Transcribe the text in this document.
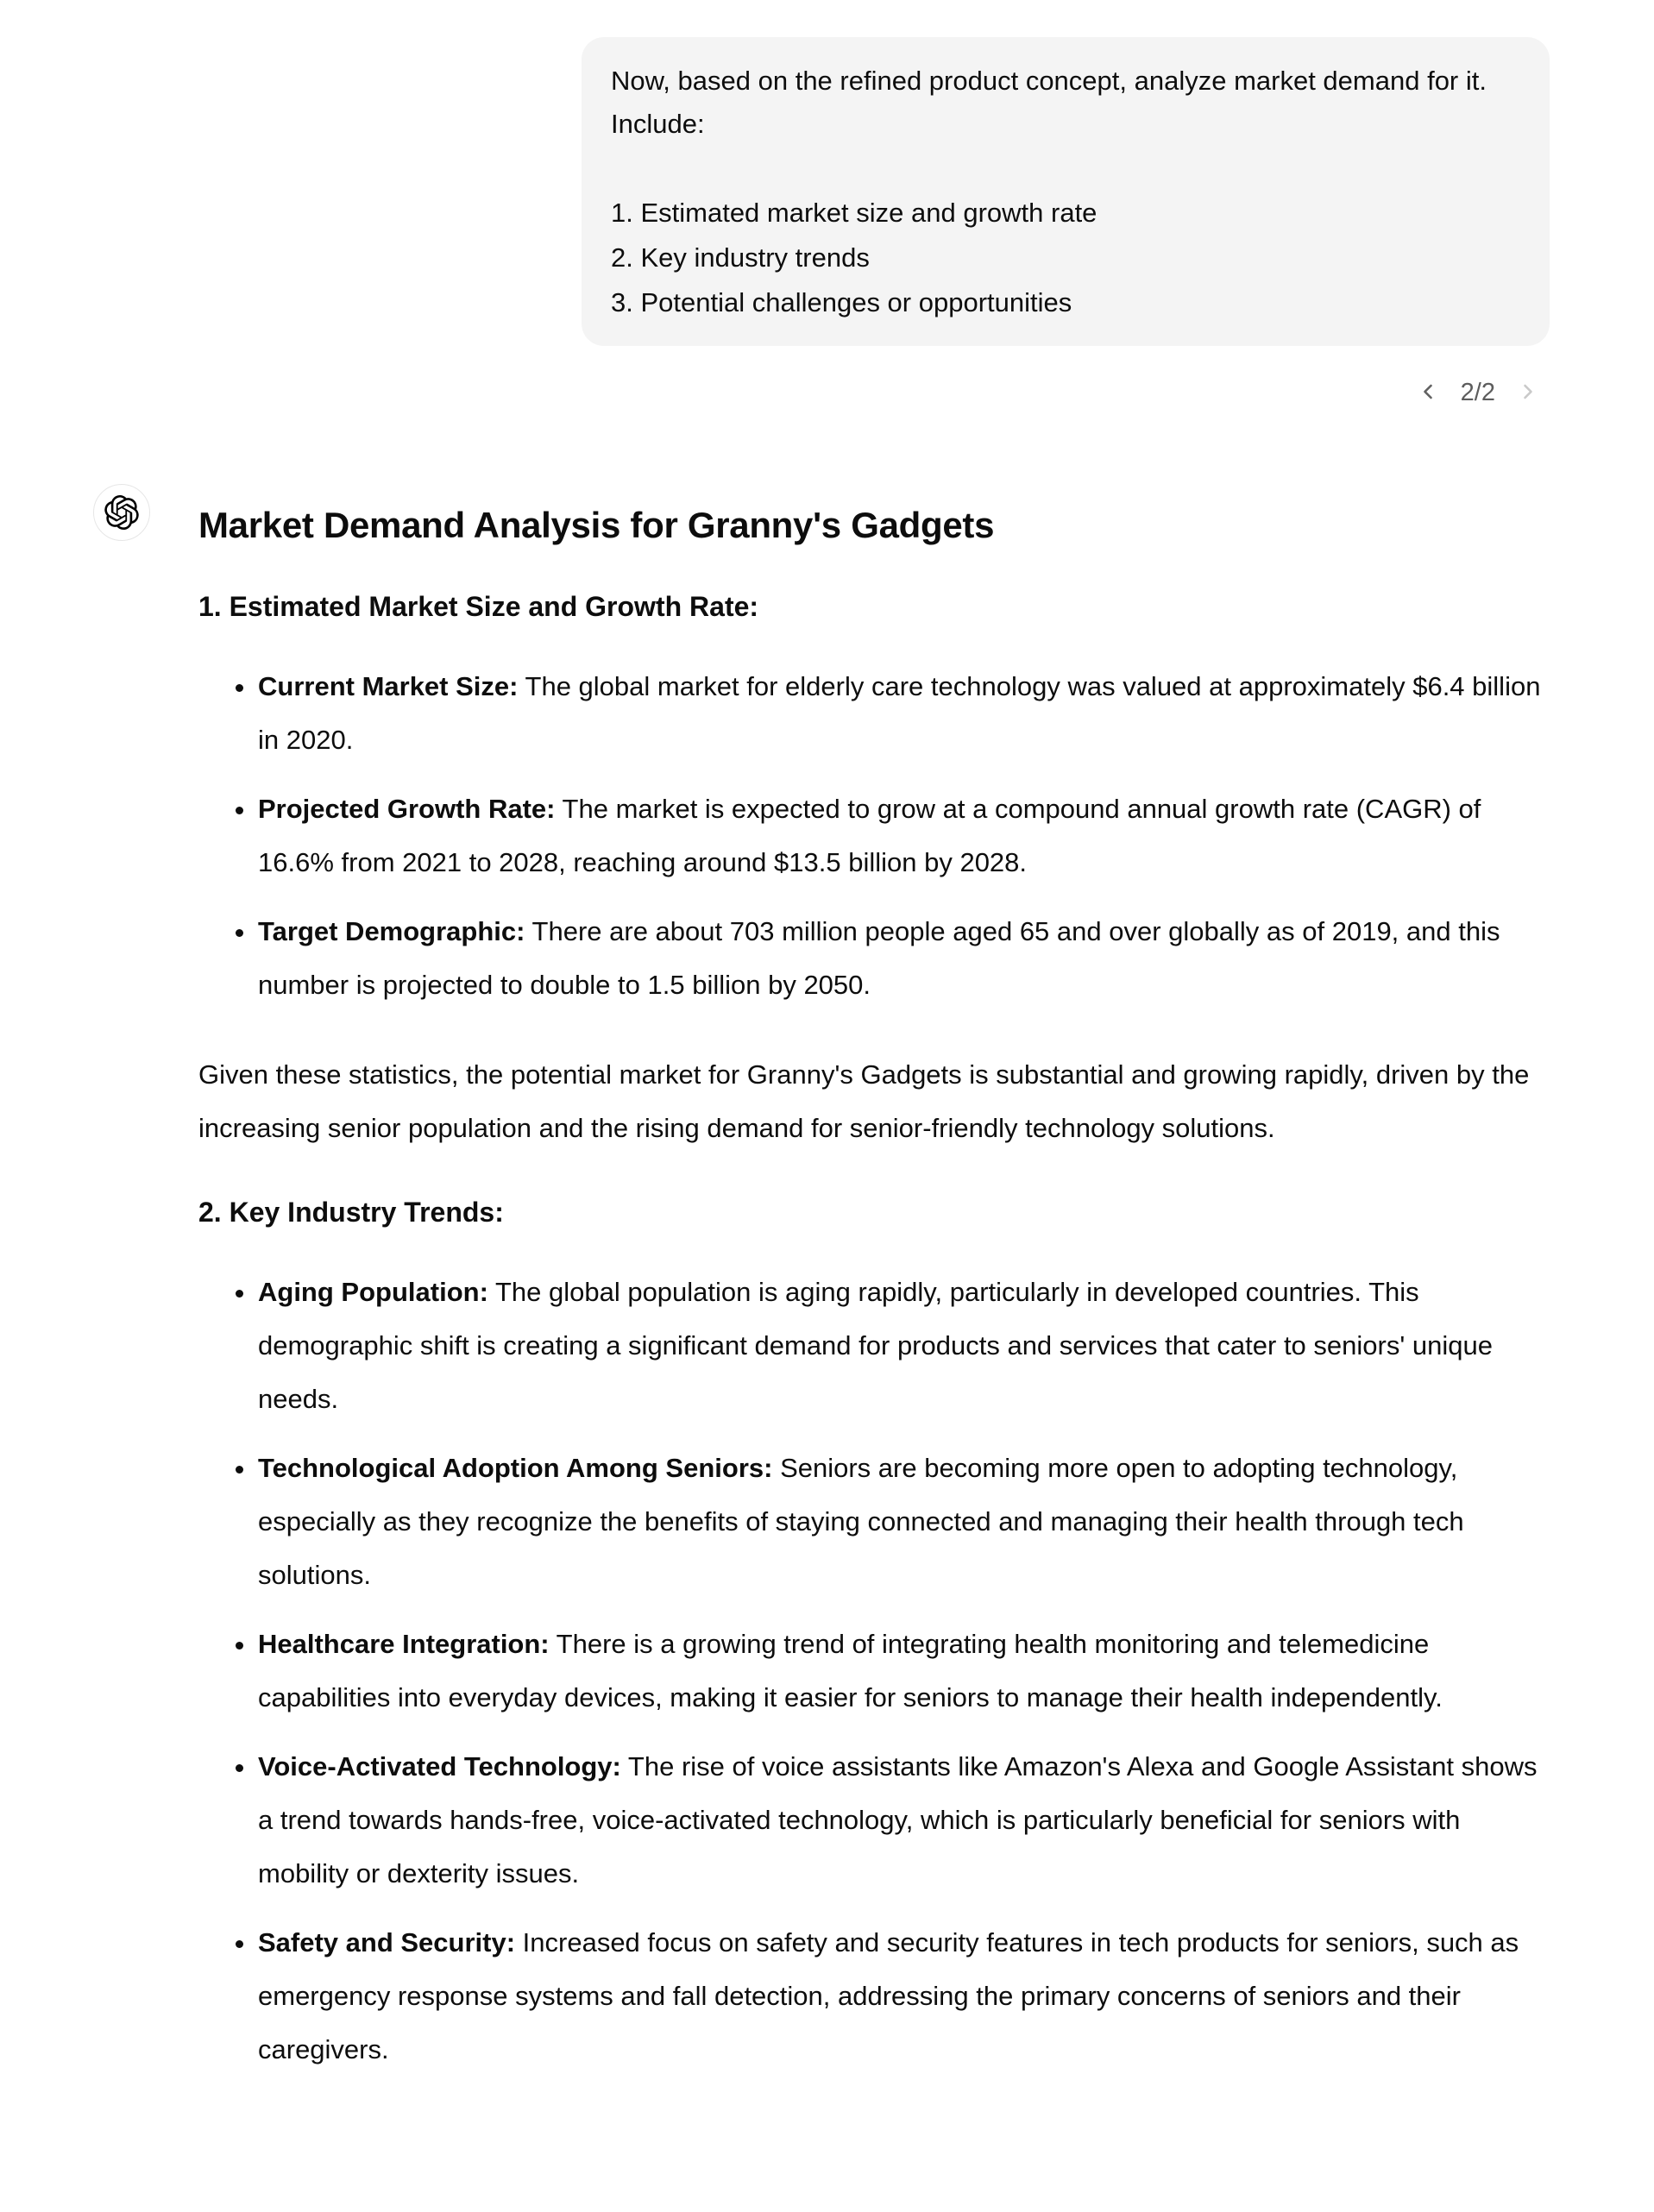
Now, based on the refined product concept, analyze market demand for it. Include:

1. Estimated market size and growth rate
2. Key industry trends
3. Potential challenges or opportunities
2/2
Market Demand Analysis for Granny's Gadgets
1. Estimated Market Size and Growth Rate:
• Current Market Size: The global market for elderly care technology was valued at approximately $6.4 billion in 2020.
• Projected Growth Rate: The market is expected to grow at a compound annual growth rate (CAGR) of 16.6% from 2021 to 2028, reaching around $13.5 billion by 2028.
• Target Demographic: There are about 703 million people aged 65 and over globally as of 2019, and this number is projected to double to 1.5 billion by 2050.

Given these statistics, the potential market for Granny's Gadgets is substantial and growing rapidly, driven by the increasing senior population and the rising demand for senior-friendly technology solutions.

2. Key Industry Trends:
• Aging Population: The global population is aging rapidly, particularly in developed countries. This demographic shift is creating a significant demand for products and services that cater to seniors' unique needs.
• Technological Adoption Among Seniors: Seniors are becoming more open to adopting technology, especially as they recognize the benefits of staying connected and managing their health through tech solutions.
• Healthcare Integration: There is a growing trend of integrating health monitoring and telemedicine capabilities into everyday devices, making it easier for seniors to manage their health independently.
• Voice-Activated Technology: The rise of voice assistants like Amazon's Alexa and Google Assistant shows a trend towards hands-free, voice-activated technology, which is particularly beneficial for seniors with mobility or dexterity issues.
• Safety and Security: Increased focus on safety and security features in tech products for seniors, such as emergency response systems and fall detection, addressing the primary concerns of seniors and their caregivers.
